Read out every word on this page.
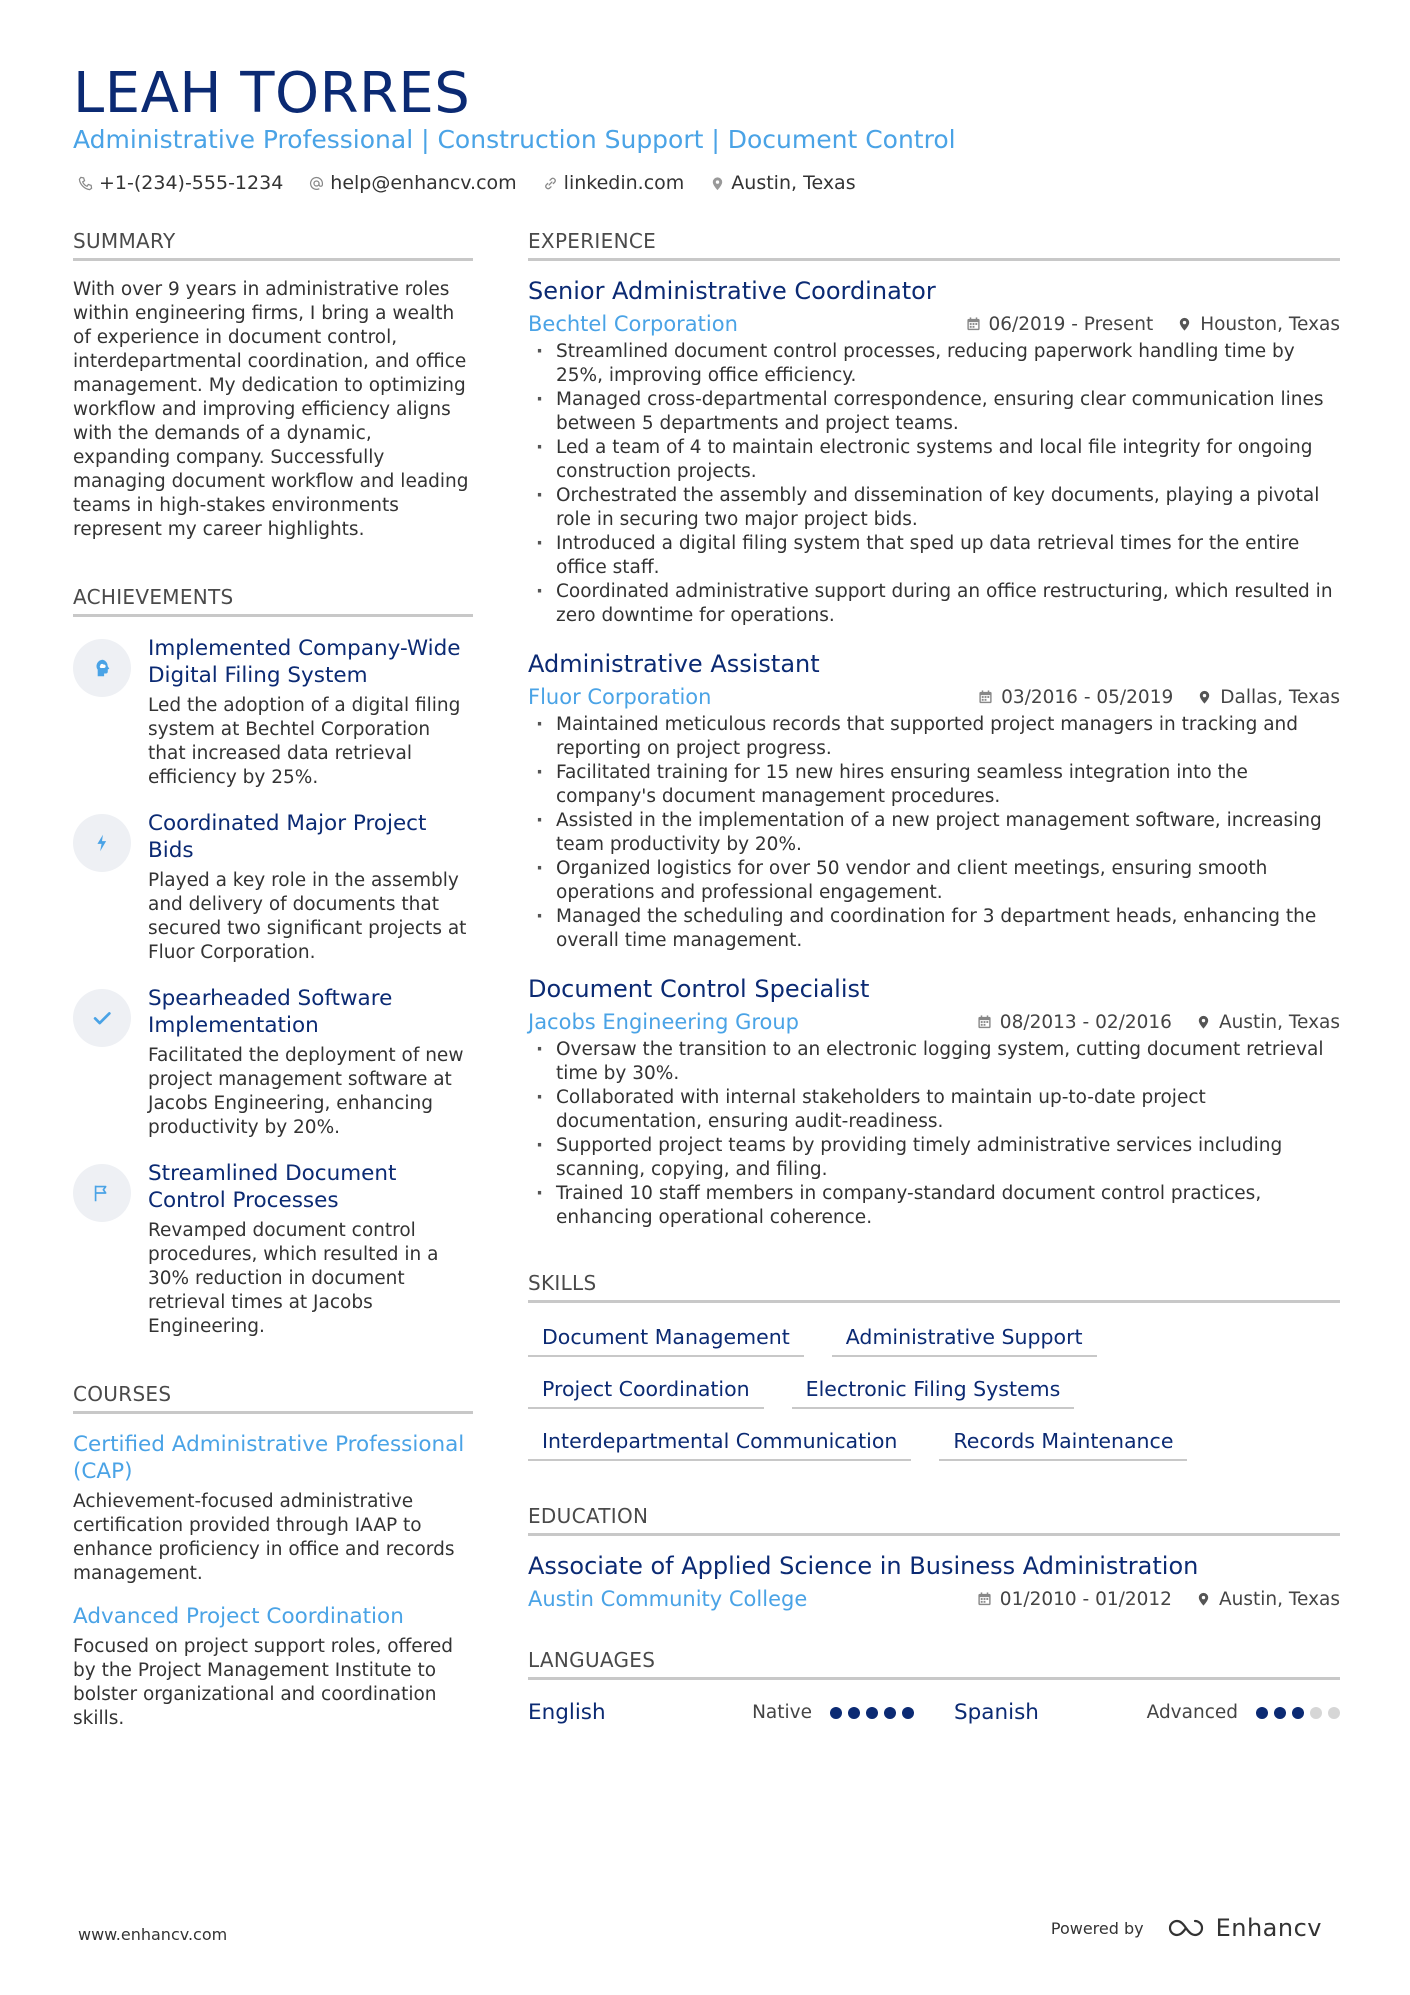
LEAH TORRES
Administrative Professional | Construction Support | Document Control
+1-(234)-555-1234 help@enhancv.com linkedin.com Austin, Texas
SUMMARY

With over 9 years in administrative roles within engineering firms, I bring a wealth of experience in document control, interdepartmental coordination, and office management. My dedication to optimizing workflow and improving efficiency aligns with the demands of a dynamic, expanding company. Successfully managing document workflow and leading teams in high-stakes environments represent my career highlights.

ACHIEVEMENTS
Implemented Company-Wide Digital Filing System
Led the adoption of a digital filing system at Bechtel Corporation that increased data retrieval efficiency by 25%.
Coordinated Major Project Bids
Played a key role in the assembly and delivery of documents that secured two significant projects at Fluor Corporation.
Spearheaded Software Implementation
Facilitated the deployment of new project management software at Jacobs Engineering, enhancing productivity by 20%.
Streamlined Document Control Processes
Revamped document control procedures, which resulted in a 30% reduction in document retrieval times at Jacobs Engineering.
COURSES
Certified Administrative Professional (CAP)
Achievement-focused administrative certification provided through IAAP to enhance proficiency in office and records management.
Advanced Project Coordination
Focused on project support roles, offered by the Project Management Institute to bolster organizational and coordination skills.
EXPERIENCE
Senior Administrative Coordinator
Bechtel Corporation	06/2019 - Present	Houston, Texas
· Streamlined document control processes, reducing paperwork handling time by 25%, improving office efficiency.
· Managed cross-departmental correspondence, ensuring clear communication lines between 5 departments and project teams.
· Led a team of 4 to maintain electronic systems and local file integrity for ongoing construction projects.
· Orchestrated the assembly and dissemination of key documents, playing a pivotal role in securing two major project bids.
· Introduced a digital filing system that sped up data retrieval times for the entire office staff.
· Coordinated administrative support during an office restructuring, which resulted in zero downtime for operations.
Administrative Assistant
Fluor Corporation	03/2016 - 05/2019	Dallas, Texas
· Maintained meticulous records that supported project managers in tracking and reporting on project progress.
· Facilitated training for 15 new hires ensuring seamless integration into the company's document management procedures.
· Assisted in the implementation of a new project management software, increasing team productivity by 20%.
· Organized logistics for over 50 vendor and client meetings, ensuring smooth operations and professional engagement.
· Managed the scheduling and coordination for 3 department heads, enhancing the overall time management.
Document Control Specialist
Jacobs Engineering Group	08/2013 - 02/2016	Austin, Texas
· Oversaw the transition to an electronic logging system, cutting document retrieval time by 30%.
· Collaborated with internal stakeholders to maintain up-to-date project documentation, ensuring audit-readiness.
· Supported project teams by providing timely administrative services including scanning, copying, and filing.
· Trained 10 staff members in company-standard document control practices, enhancing operational coherence.
SKILLS
Document Management	Administrative Support
Project Coordination	Electronic Filing Systems
Interdepartmental Communication	Records Maintenance
EDUCATION
Associate of Applied Science in Business Administration
Austin Community College	01/2010 - 01/2012	Austin, Texas
LANGUAGES
English	Native	Spanish	Advanced
www.enhancv.com	Powered by	Enhancv
